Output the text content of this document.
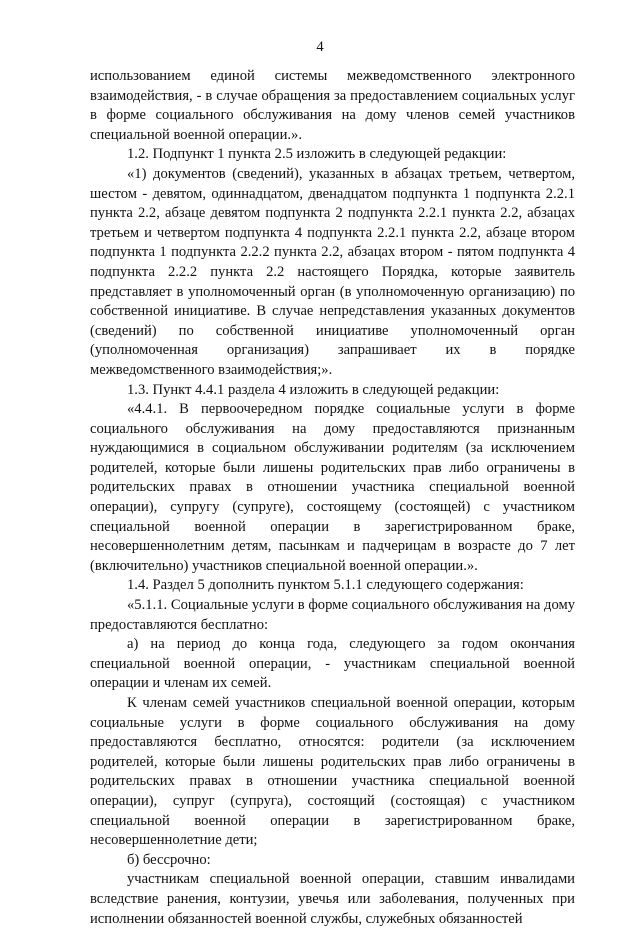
4

использованием единой системы межведомственного электронного взаимодействия, - в случае обращения за предоставлением социальных услуг в форме социального обслуживания на дому членов семей участников специальной военной операции.».

1.2. Подпункт 1 пункта 2.5 изложить в следующей редакции:

«1) документов (сведений), указанных в абзацах третьем, четвертом, шестом - девятом, одиннадцатом, двенадцатом подпункта 1 подпункта 2.2.1 пункта 2.2, абзаце девятом подпункта 2 подпункта 2.2.1 пункта 2.2, абзацах третьем и четвертом подпункта 4 подпункта 2.2.1 пункта 2.2, абзаце втором подпункта 1 подпункта 2.2.2 пункта 2.2, абзацах втором - пятом подпункта 4 подпункта 2.2.2 пункта 2.2 настоящего Порядка, которые заявитель представляет в уполномоченный орган (в уполномоченную организацию) по собственной инициативе. В случае непредставления указанных документов (сведений) по собственной инициативе уполномоченный орган (уполномоченная организация) запрашивает их в порядке межведомственного взаимодействия;».

1.3. Пункт 4.4.1 раздела 4 изложить в следующей редакции:

«4.4.1. В первоочередном порядке социальные услуги в форме социального обслуживания на дому предоставляются признанным нуждающимися в социальном обслуживании родителям (за исключением родителей, которые были лишены родительских прав либо ограничены в родительских правах в отношении участника специальной военной операции), супругу (супруге), состоящему (состоящей) с участником специальной военной операции в зарегистрированном браке, несовершеннолетним детям, пасынкам и падчерицам в возрасте до 7 лет (включительно) участников специальной военной операции.».

1.4. Раздел 5 дополнить пунктом 5.1.1 следующего содержания:

«5.1.1. Социальные услуги в форме социального обслуживания на дому предоставляются бесплатно:

а) на период до конца года, следующего за годом окончания специальной военной операции, - участникам специальной военной операции и членам их семей.

К членам семей участников специальной военной операции, которым социальные услуги в форме социального обслуживания на дому предоставляются бесплатно, относятся: родители (за исключением родителей, которые были лишены родительских прав либо ограничены в родительских правах в отношении участника специальной военной операции), супруг (супруга), состоящий (состоящая) с участником специальной военной операции в зарегистрированном браке, несовершеннолетние дети;

б) бессрочно:

участникам специальной военной операции, ставшим инвалидами вследствие ранения, контузии, увечья или заболевания, полученных при исполнении обязанностей военной службы, служебных обязанностей
